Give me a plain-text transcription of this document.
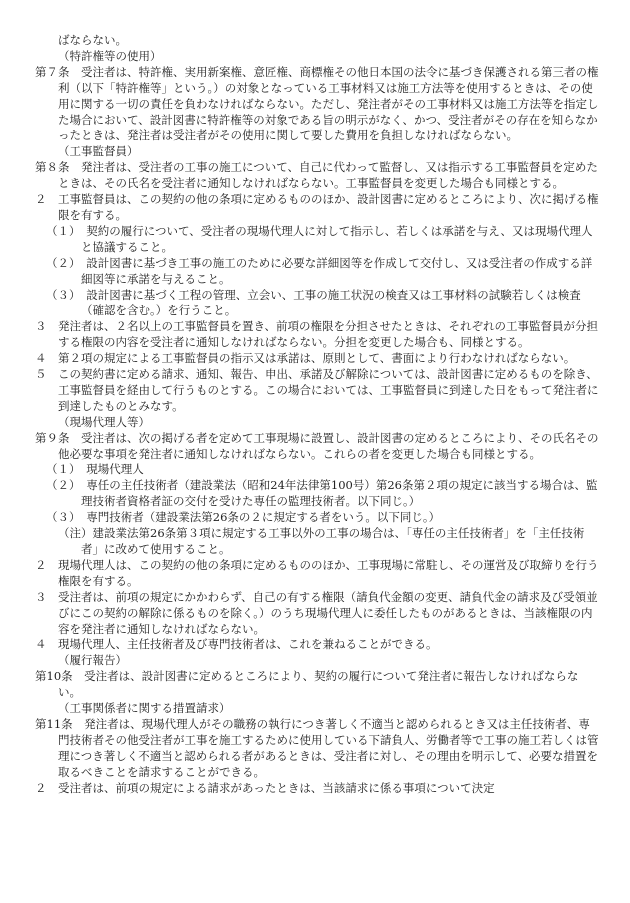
ばならない。

（特許権等の使用）

第７条　受注者は、特許権、実用新案権、意匠権、商標権その他日本国の法令に基づき保護される第三者の権利（以下「特許権等」という。）の対象となっている工事材料又は施工方法等を使用するときは、その使用に関する一切の責任を負わなければならない。ただし、発注者がその工事材料又は施工方法等を指定した場合において、設計図書に特許権等の対象である旨の明示がなく、かつ、受注者がその存在を知らなかったときは、発注者は受注者がその使用に関して要した費用を負担しなければならない。

（工事監督員）

第８条　発注者は、受注者の工事の施工について、自己に代わって監督し、又は指示する工事監督員を定めたときは、その氏名を受注者に通知しなければならない。工事監督員を変更した場合も同様とする。

２　工事監督員は、この契約の他の条項に定めるもののほか、設計図書に定めるところにより、次に掲げる権限を有する。

（１）　契約の履行について、受注者の現場代理人に対して指示し、若しくは承諾を与え、又は現場代理人と協議すること。

（２）　設計図書に基づき工事の施工のために必要な詳細図等を作成して交付し、又は受注者の作成する詳細図等に承諾を与えること。

（３）　設計図書に基づく工程の管理、立会い、工事の施工状況の検査又は工事材料の試験若しくは検査（確認を含む。）を行うこと。

３　発注者は、２名以上の工事監督員を置き、前項の権限を分担させたときは、それぞれの工事監督員が分担する権限の内容を受注者に通知しなければならない。分担を変更した場合も、同様とする。

４　第２項の規定による工事監督員の指示又は承諾は、原則として、書面により行わなければならない。

５　この契約書に定める請求、通知、報告、申出、承諾及び解除については、設計図書に定めるものを除き、工事監督員を経由して行うものとする。この場合においては、工事監督員に到達した日をもって発注者に到達したものとみなす。

（現場代理人等）

第９条　受注者は、次の掲げる者を定めて工事現場に設置し、設計図書の定めるところにより、その氏名その他必要な事項を発注者に通知しなければならない。これらの者を変更した場合も同様とする。

（１）　現場代理人

（２）　専任の主任技術者（建設業法（昭和24年法律第100号）第26条第２項の規定に該当する場合は、監理技術者資格者証の交付を受けた専任の監理技術者。以下同じ。）

（３）　専門技術者（建設業法第26条の２に規定する者をいう。以下同じ。）

（注）建設業法第26条第３項に規定する工事以外の工事の場合は、「専任の主任技術者」を「主任技術者」に改めて使用すること。

２　現場代理人は、この契約の他の条項に定めるもののほか、工事現場に常駐し、その運営及び取締りを行う権限を有する。

３　受注者は、前項の規定にかかわらず、自己の有する権限（請負代金額の変更、請負代金の請求及び受領並びにこの契約の解除に係るものを除く。）のうち現場代理人に委任したものがあるときは、当該権限の内容を発注者に通知しなければならない。

４　現場代理人、主任技術者及び専門技術者は、これを兼ねることができる。

（履行報告）

第10条　受注者は、設計図書に定めるところにより、契約の履行について発注者に報告しなければならない。

（工事関係者に関する措置請求）

第11条　発注者は、現場代理人がその職務の執行につき著しく不適当と認められるとき又は主任技術者、専門技術者その他受注者が工事を施工するために使用している下請負人、労働者等で工事の施工若しくは管理につき著しく不適当と認められる者があるときは、受注者に対し、その理由を明示して、必要な措置を取るべきことを請求することができる。

２　受注者は、前項の規定による請求があったときは、当該請求に係る事項について決定
